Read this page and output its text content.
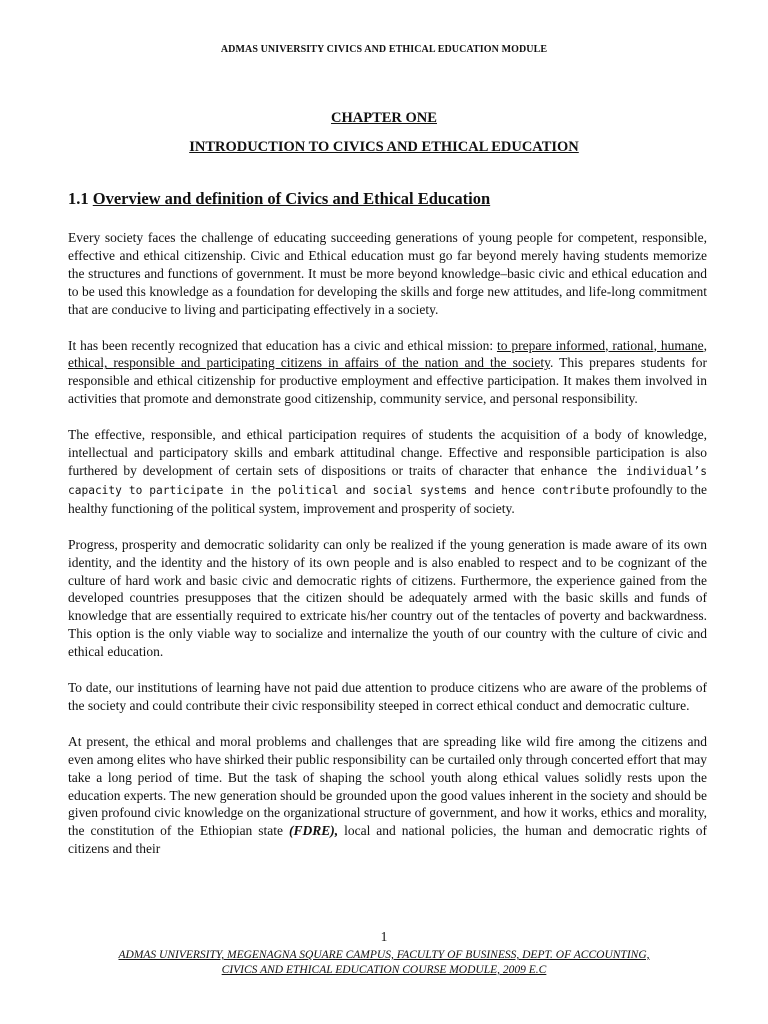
ADMAS UNIVERSITY CIVICS AND ETHICAL EDUCATION MODULE
CHAPTER ONE
INTRODUCTION TO CIVICS AND ETHICAL EDUCATION
1.1 Overview and definition of Civics and Ethical Education

Every society faces the challenge of educating succeeding generations of young people for competent, responsible, effective and ethical citizenship. Civic and Ethical education must go far beyond merely having students memorize the structures and functions of government. It must be more beyond knowledge–basic civic and ethical education and to be used this knowledge as a foundation for developing the skills and forge new attitudes, and life-long commitment that are conducive to living and participating effectively in a society.

It has been recently recognized that education has a civic and ethical mission: to prepare informed, rational, humane, ethical, responsible and participating citizens in affairs of the nation and the society. This prepares students for responsible and ethical citizenship for productive employment and effective participation. It makes them involved in activities that promote and demonstrate good citizenship, community service, and personal responsibility.

The effective, responsible, and ethical participation requires of students the acquisition of a body of knowledge, intellectual and participatory skills and embark attitudinal change. Effective and responsible participation is also furthered by development of certain sets of dispositions or traits of character that enhance the individual’s capacity to participate in the political and social systems and hence contribute profoundly to the healthy functioning of the political system, improvement and prosperity of society.

Progress, prosperity and democratic solidarity can only be realized if the young generation is made aware of its own identity, and the identity and the history of its own people and is also enabled to respect and to be cognizant of the culture of hard work and basic civic and democratic rights of citizens. Furthermore, the experience gained from the developed countries presupposes that the citizen should be adequately armed with the basic skills and funds of knowledge that are essentially required to extricate his/her country out of the tentacles of poverty and backwardness. This option is the only viable way to socialize and internalize the youth of our country with the culture of civic and ethical education.

To date, our institutions of learning have not paid due attention to produce citizens who are aware of the problems of the society and could contribute their civic responsibility steeped in correct ethical conduct and democratic culture.

At present, the ethical and moral problems and challenges that are spreading like wild fire among the citizens and even among elites who have shirked their public responsibility can be curtailed only through concerted effort that may take a long period of time. But the task of shaping the school youth along ethical values solidly rests upon the education experts. The new generation should be grounded upon the good values inherent in the society and should be given profound civic knowledge on the organizational structure of government, and how it works, ethics and morality, the constitution of the Ethiopian state (FDRE), local and national policies, the human and democratic rights of citizens and their

1
ADMAS UNIVERSITY, MEGENAGNA SQUARE CAMPUS, FACULTY OF BUSINESS, DEPT. OF ACCOUNTING,
CIVICS AND ETHICAL EDUCATION COURSE MODULE, 2009 E.C
